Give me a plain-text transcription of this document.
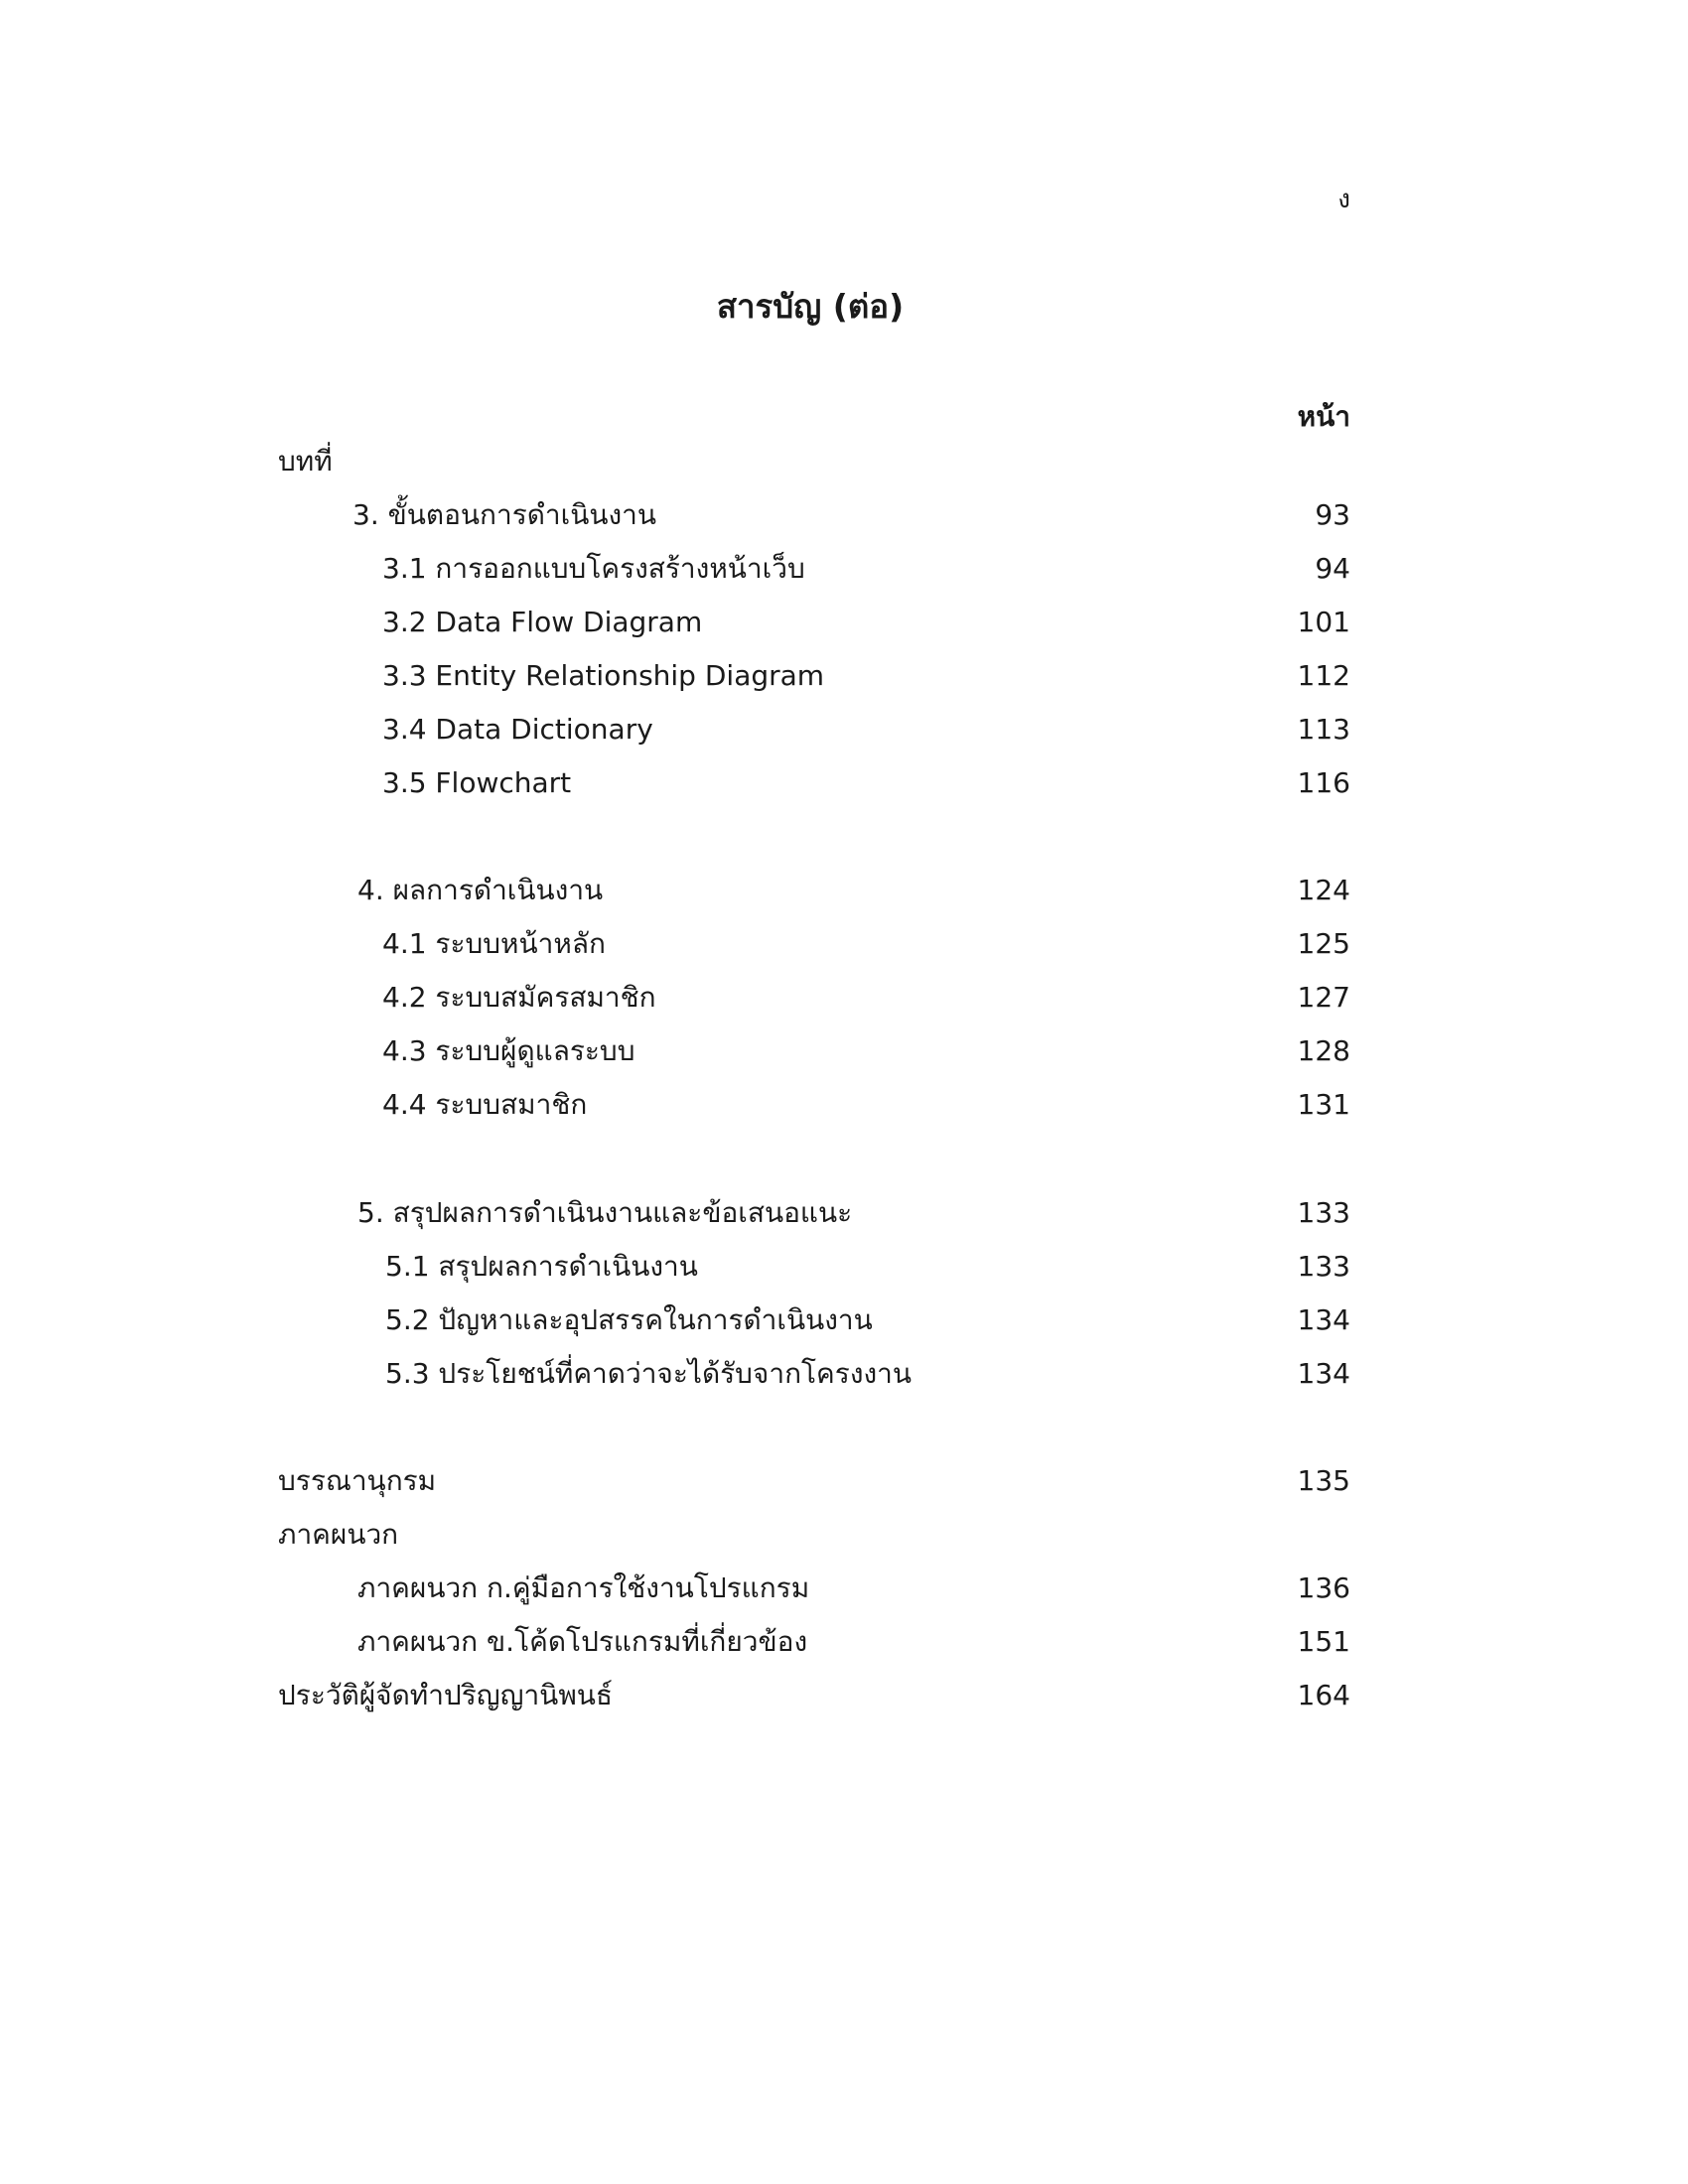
ง
สารบัญ (ต่อ)
หน้า
บทที่
3. ขั้นตอนการดำเนินงาน	93
3.1 การออกแบบโครงสร้างหน้าเว็บ	94
3.2 Data Flow Diagram	101
3.3 Entity Relationship Diagram	112
3.4 Data Dictionary	113
3.5 Flowchart	116
4. ผลการดำเนินงาน	124
4.1 ระบบหน้าหลัก	125
4.2 ระบบสมัครสมาชิก	127
4.3 ระบบผู้ดูแลระบบ	128
4.4 ระบบสมาชิก	131
5. สรุปผลการดำเนินงานและข้อเสนอแนะ	133
5.1 สรุปผลการดำเนินงาน	133
5.2 ปัญหาและอุปสรรคในการดำเนินงาน	134
5.3 ประโยชน์ที่คาดว่าจะได้รับจากโครงงาน	134
บรรณานุกรม	135
ภาคผนวก
ภาคผนวก ก.คู่มือการใช้งานโปรแกรม	136
ภาคผนวก ข.โค้ดโปรแกรมที่เกี่ยวข้อง	151
ประวัติผู้จัดทำปริญญานิพนธ์	164
